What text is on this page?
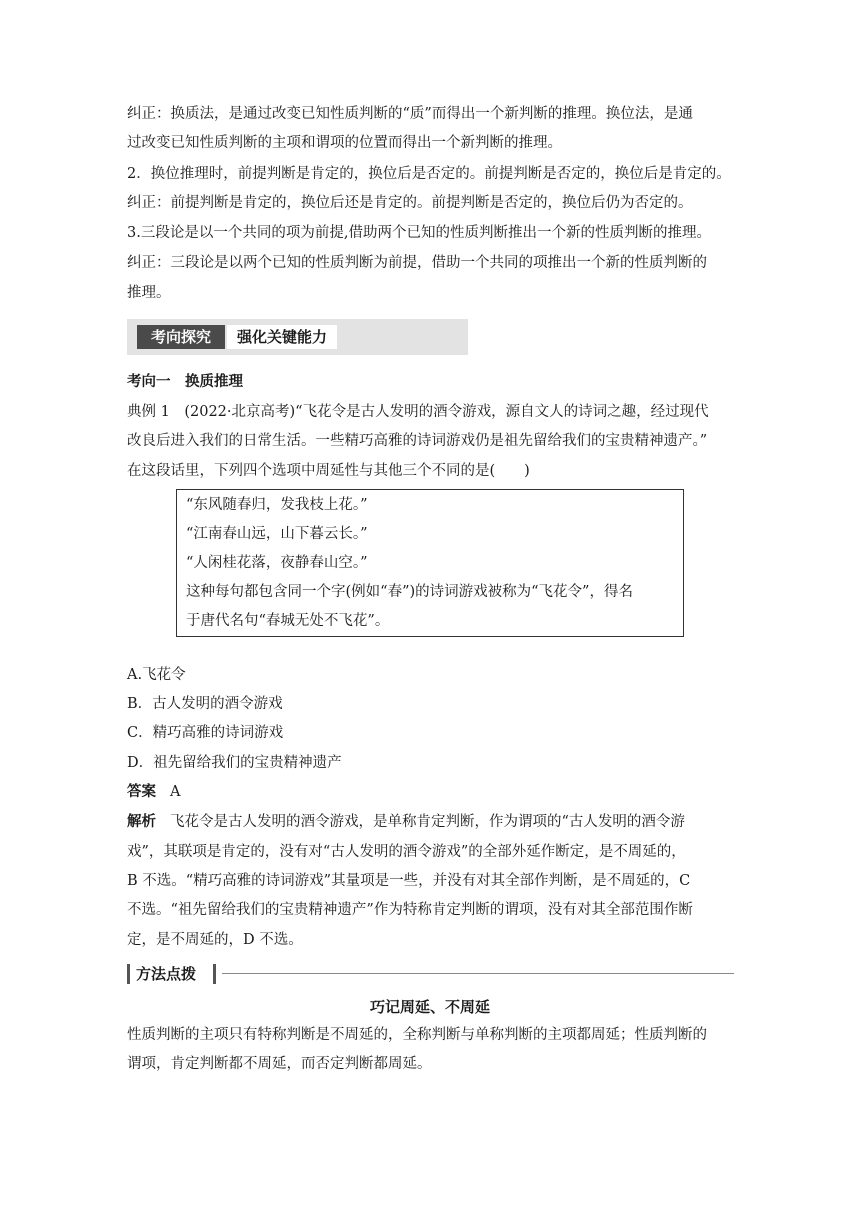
纠正：换质法，是通过改变已知性质判断的“质”而得出一个新判断的推理。换位法，是通
过改变已知性质判断的主项和谓项的位置而得出一个新判断的推理。
2．换位推理时，前提判断是肯定的，换位后是否定的。前提判断是否定的，换位后是肯定的。
纠正：前提判断是肯定的，换位后还是肯定的。前提判断是否定的，换位后仍为否定的。
3.三段论是以一个共同的项为前提,借助两个已知的性质判断推出一个新的性质判断的推理。
纠正：三段论是以两个已知的性质判断为前提，借助一个共同的项推出一个新的性质判断的
推理。
考向探究	强化关键能力
考向一　换质推理
典例 1　(2022·北京高考)“飞花令是古人发明的酒令游戏，源自文人的诗词之趣，经过现代
改良后进入我们的日常生活。一些精巧高雅的诗词游戏仍是祖先留给我们的宝贵精神遗产。”
在这段话里，下列四个选项中周延性与其他三个不同的是(　　)
“东风随春归，发我枝上花。”
“江南春山远，山下暮云长。”
“人闲桂花落，夜静春山空。”
这种每句都包含同一个字(例如“春”)的诗词游戏被称为“飞花令”，得名
于唐代名句“春城无处不飞花”。
A.飞花令
B．古人发明的酒令游戏
C．精巧高雅的诗词游戏
D．祖先留给我们的宝贵精神遗产
答案 A
解析 飞花令是古人发明的酒令游戏，是单称肯定判断，作为谓项的“古人发明的酒令游
戏”，其联项是肯定的，没有对“古人发明的酒令游戏”的全部外延作断定，是不周延的，
B 不选。“精巧高雅的诗词游戏”其量项是一些，并没有对其全部作判断，是不周延的，C
不选。“祖先留给我们的宝贵精神遗产”作为特称肯定判断的谓项，没有对其全部范围作断
定，是不周延的，D 不选。
方法点拨
巧记周延、不周延
性质判断的主项只有特称判断是不周延的，全称判断与单称判断的主项都周延；性质判断的
谓项，肯定判断都不周延，而否定判断都周延。
